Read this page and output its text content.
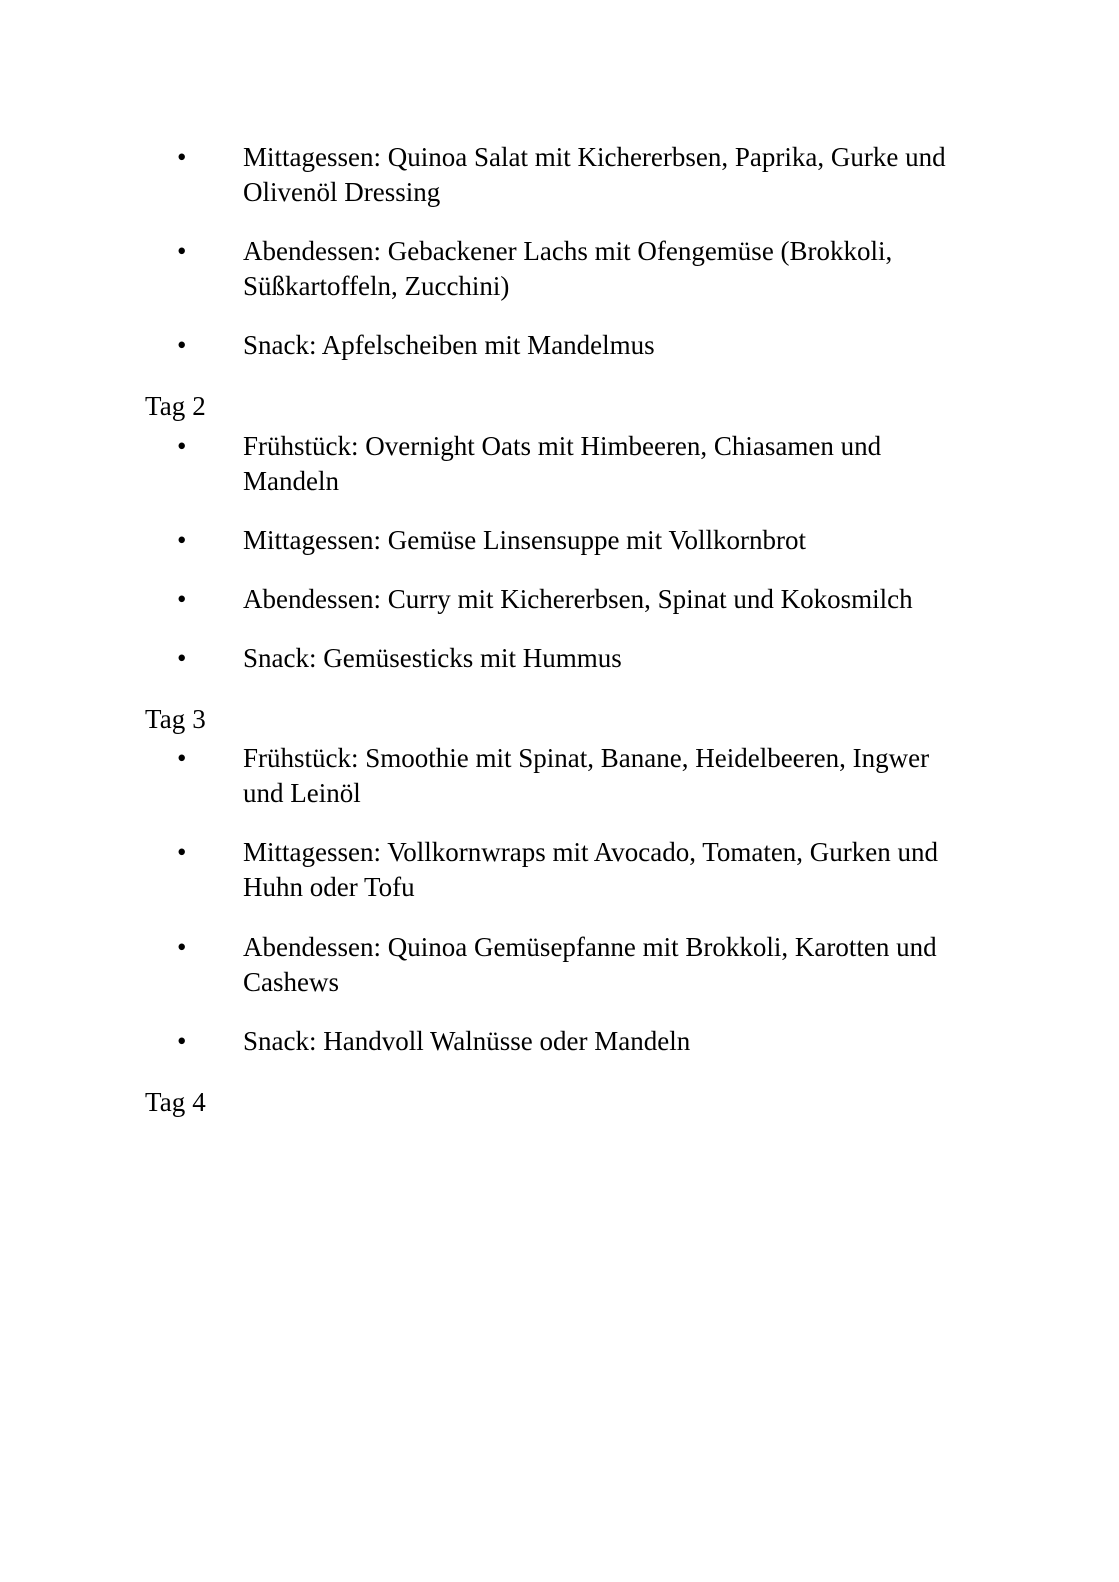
• Mittagessen: Quinoa Salat mit Kichererbsen, Paprika, Gurke und Olivenöl Dressing
• Abendessen: Gebackener Lachs mit Ofengemüse (Brokkoli, Süßkartoffeln, Zucchini)
• Snack: Apfelscheiben mit Mandelmus

Tag 2

• Frühstück: Overnight Oats mit Himbeeren, Chiasamen und Mandeln
• Mittagessen: Gemüse Linsensuppe mit Vollkornbrot
• Abendessen: Curry mit Kichererbsen, Spinat und Kokosmilch
• Snack: Gemüsesticks mit Hummus

Tag 3

• Frühstück: Smoothie mit Spinat, Banane, Heidelbeeren, Ingwer und Leinöl
• Mittagessen: Vollkornwraps mit Avocado, Tomaten, Gurken und Huhn oder Tofu
• Abendessen: Quinoa Gemüsepfanne mit Brokkoli, Karotten und Cashews
• Snack: Handvoll Walnüsse oder Mandeln

Tag 4
